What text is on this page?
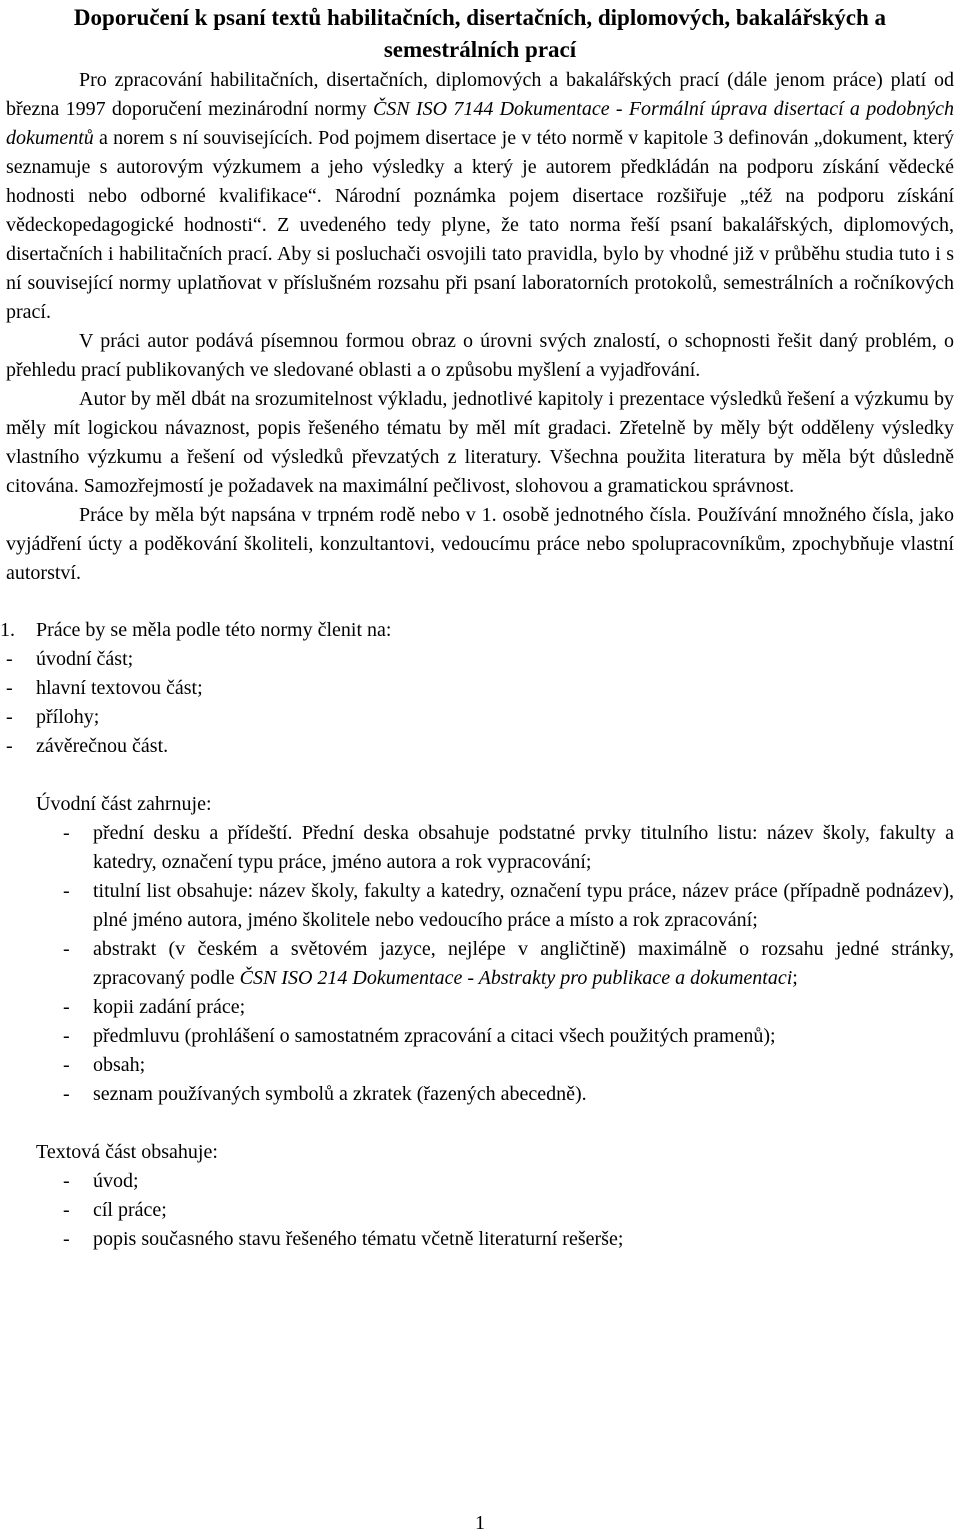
Doporučení k psaní textů habilitačních, disertačních, diplomových, bakalářských a semestrálních prací

Pro zpracování habilitačních, disertačních, diplomových a bakalářských prací (dále jenom práce) platí od března 1997 doporučení mezinárodní normy ČSN ISO 7144 Dokumentace - Formální úprava disertací a podobných dokumentů a norem s ní souvisejících. Pod pojmem disertace je v této normě v kapitole 3 definován „dokument, který seznamuje s autorovým výzkumem a jeho výsledky a který je autorem předkládán na podporu získání vědecké hodnosti nebo odborné kvalifikace“. Národní poznámka pojem disertace rozšiřuje „též na podporu získání vědeckopedagogické hodnosti“. Z uvedeného tedy plyne, že tato norma řeší psaní bakalářských, diplomových, disertačních i habilitačních prací. Aby si posluchači osvojili tato pravidla, bylo by vhodné již v průběhu studia tuto i s ní související normy uplatňovat v příslušném rozsahu při psaní laboratorních protokolů, semestrálních a ročníkových prací.

V práci autor podává písemnou formou obraz o úrovni svých znalostí, o schopnosti řešit daný problém, o přehledu prací publikovaných ve sledované oblasti a o způsobu myšlení a vyjadřování.

Autor by měl dbát na srozumitelnost výkladu, jednotlivé kapitoly i prezentace výsledků řešení a výzkumu by měly mít logickou návaznost, popis řešeného tématu by měl mít gradaci. Zřetelně by měly být odděleny výsledky vlastního výzkumu a řešení od výsledků převzatých z literatury. Všechna použita literatura by měla být důsledně citována. Samozřejmostí je požadavek na maximální pečlivost, slohovou a gramatickou správnost.

Práce by měla být napsána v trpném rodě nebo v 1. osobě jednotného čísla. Používání množného čísla, jako vyjádření úcty a poděkování školiteli, konzultantovi, vedoucímu práce nebo spolupracovníkům, zpochybňuje vlastní autorství.

1. Práce by se měla podle této normy členit na:
- úvodní část;
- hlavní textovou část;
- přílohy;
- závěrečnou část.
Úvodní část zahrnuje:
- přední desku a přídeští. Přední deska obsahuje podstatné prvky titulního listu: název školy, fakulty a katedry, označení typu práce, jméno autora a rok vypracování;
- titulní list obsahuje: název školy, fakulty a katedry, označení typu práce, název práce (případně podnázev), plné jméno autora, jméno školitele nebo vedoucího práce a místo a rok zpracování;
- abstrakt (v českém a světovém jazyce, nejlépe v angličtině) maximálně o rozsahu jedné stránky, zpracovaný podle ČSN ISO 214 Dokumentace - Abstrakty pro publikace a dokumentaci;
- kopii zadání práce;
- předmluvu (prohlášení o samostatném zpracování a citaci všech použitých pramenů);
- obsah;
- seznam používaných symbolů a zkratek (řazených abecedně).
Textová část obsahuje:
- úvod;
- cíl práce;
- popis současného stavu řešeného tématu včetně literaturní rešerše;
1
